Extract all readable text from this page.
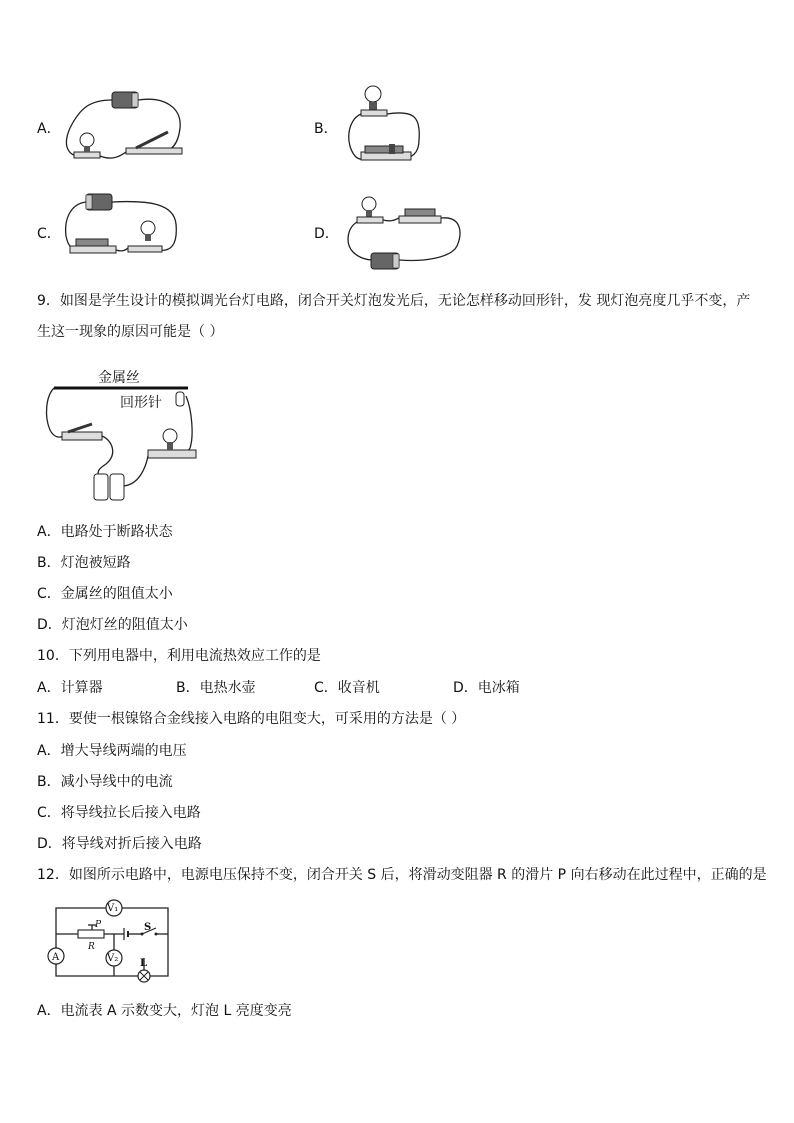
A．	B．
C．	D．
9．如图是学生设计的模拟调光台灯电路，闭合开关灯泡发光后，无论怎样移动回形针，发 现灯泡亮度几乎不变，产
生这一现象的原因可能是（ ）
金属丝
回形针
A．电路处于断路状态
B．灯泡被短路
C．金属丝的阻值太小
D．灯泡灯丝的阻值太小
10．下列用电器中，利用电流热效应工作的是
A．计算器	B．电热水壶	C．收音机	D．电冰箱
11．要使一根镍铬合金线接入电路的电阻变大，可采用的方法是（ ）
A．增大导线两端的电压
B．减小导线中的电流
C．将导线拉长后接入电路
D．将导线对折后接入电路
12．如图所示电路中，电源电压保持不变，闭合开关 S 后，将滑动变阻器 R 的滑片 P 向右移动在此过程中，正确的是
V₁
A	V₂
P
R
S
L
A．电流表 A 示数变大，灯泡 L 亮度变亮
